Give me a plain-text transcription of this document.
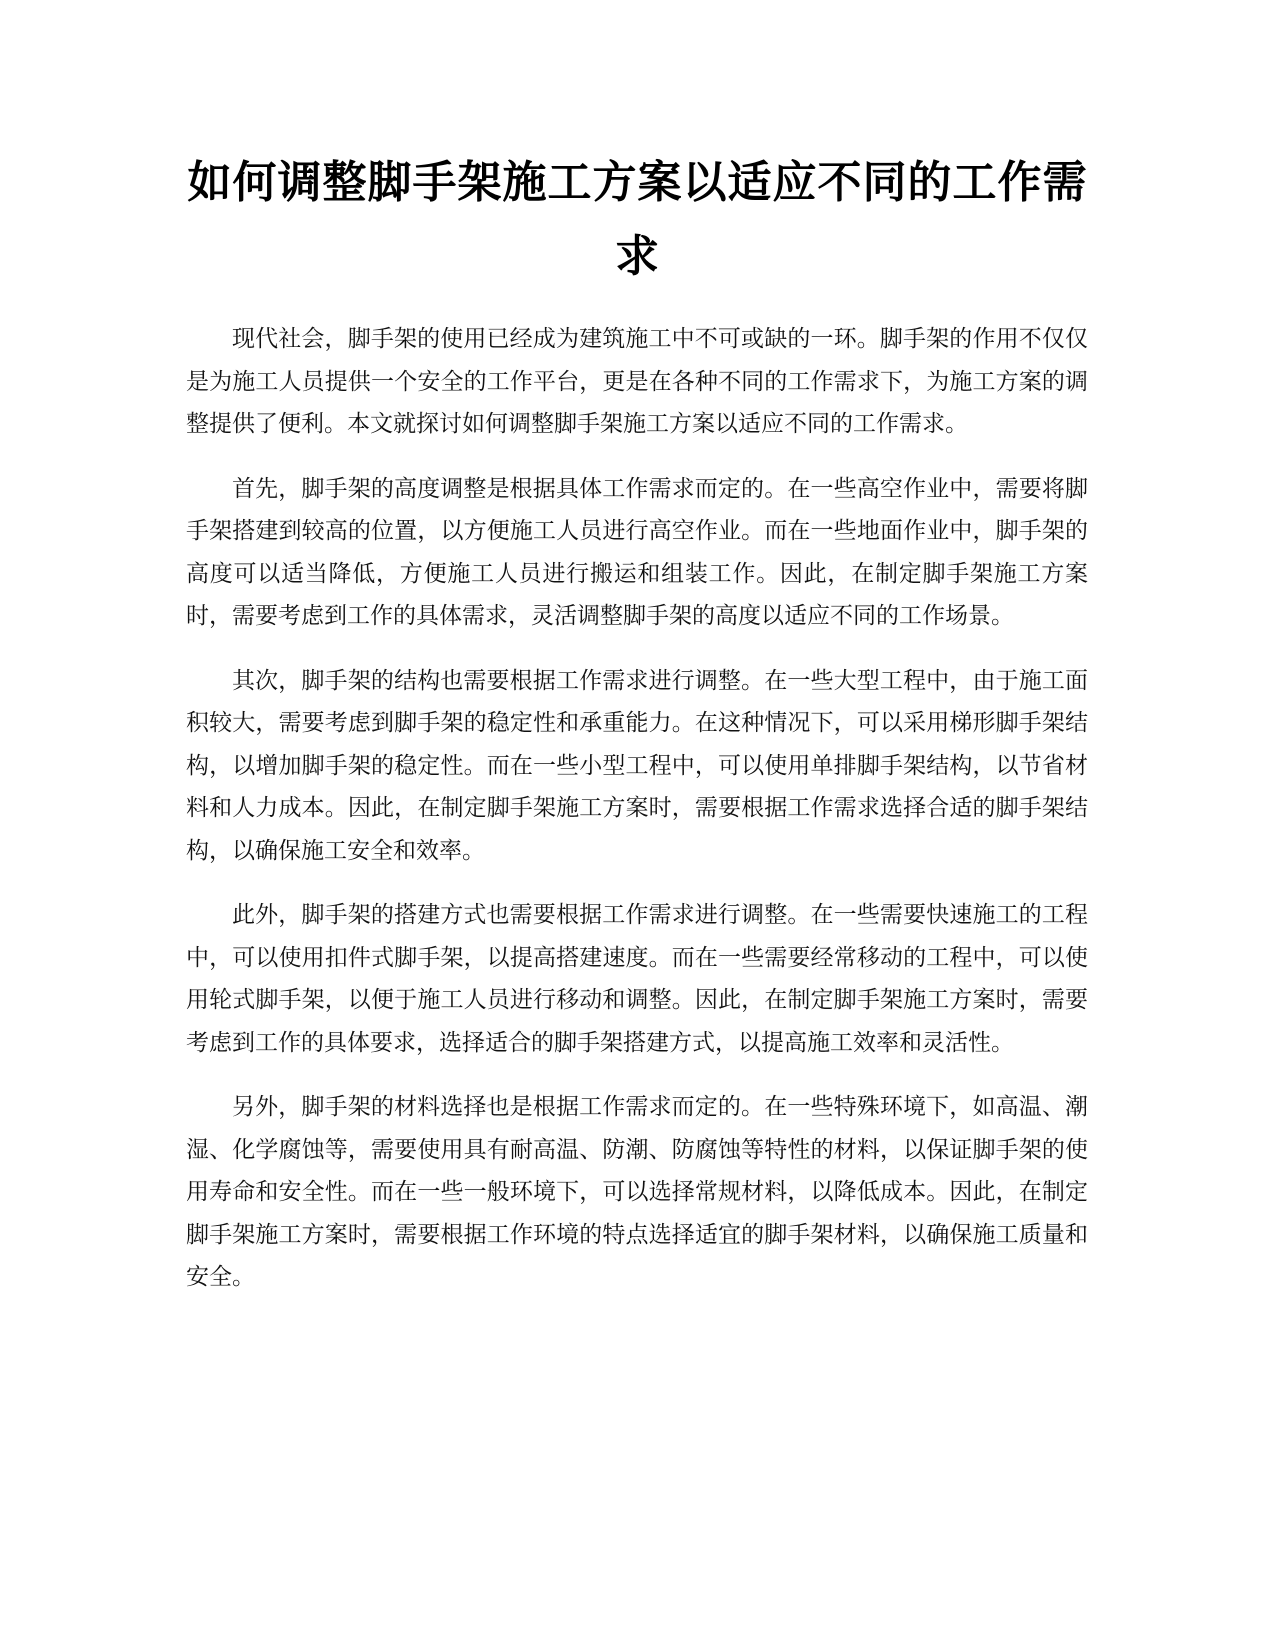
如何调整脚手架施工方案以适应不同的工作需求

现代社会，脚手架的使用已经成为建筑施工中不可或缺的一环。脚手架的作用不仅仅是为施工人员提供一个安全的工作平台，更是在各种不同的工作需求下，为施工方案的调整提供了便利。本文就探讨如何调整脚手架施工方案以适应不同的工作需求。

首先，脚手架的高度调整是根据具体工作需求而定的。在一些高空作业中，需要将脚手架搭建到较高的位置，以方便施工人员进行高空作业。而在一些地面作业中，脚手架的高度可以适当降低，方便施工人员进行搬运和组装工作。因此，在制定脚手架施工方案时，需要考虑到工作的具体需求，灵活调整脚手架的高度以适应不同的工作场景。

其次，脚手架的结构也需要根据工作需求进行调整。在一些大型工程中，由于施工面积较大，需要考虑到脚手架的稳定性和承重能力。在这种情况下，可以采用梯形脚手架结构，以增加脚手架的稳定性。而在一些小型工程中，可以使用单排脚手架结构，以节省材料和人力成本。因此，在制定脚手架施工方案时，需要根据工作需求选择合适的脚手架结构，以确保施工安全和效率。

此外，脚手架的搭建方式也需要根据工作需求进行调整。在一些需要快速施工的工程中，可以使用扣件式脚手架，以提高搭建速度。而在一些需要经常移动的工程中，可以使用轮式脚手架，以便于施工人员进行移动和调整。因此，在制定脚手架施工方案时，需要考虑到工作的具体要求，选择适合的脚手架搭建方式，以提高施工效率和灵活性。

另外，脚手架的材料选择也是根据工作需求而定的。在一些特殊环境下，如高温、潮湿、化学腐蚀等，需要使用具有耐高温、防潮、防腐蚀等特性的材料，以保证脚手架的使用寿命和安全性。而在一些一般环境下，可以选择常规材料，以降低成本。因此，在制定脚手架施工方案时，需要根据工作环境的特点选择适宜的脚手架材料，以确保施工质量和安全。
